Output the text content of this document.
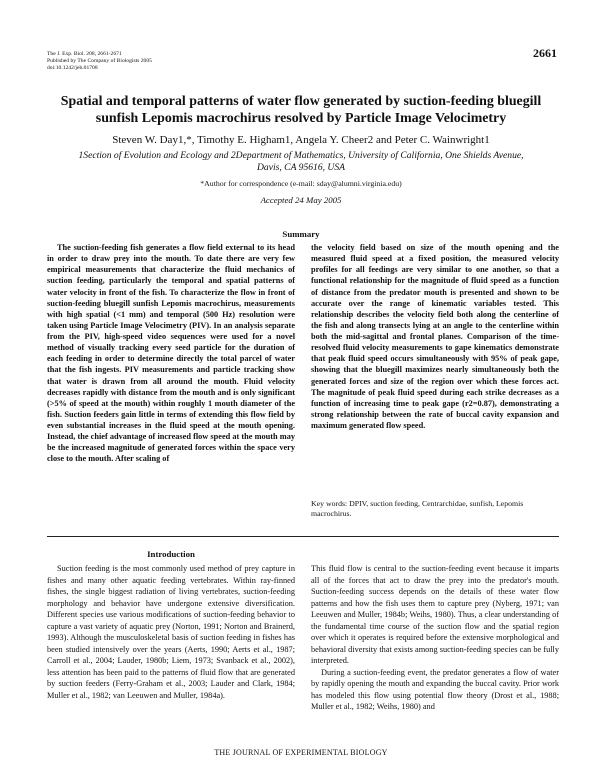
The J. Exp. Biol. 208, 2661-2671
Published by The Company of Biologists 2005
doi:10.1242/jeb.01708
2661
Spatial and temporal patterns of water flow generated by suction-feeding bluegill sunfish Lepomis macrochirus resolved by Particle Image Velocimetry
Steven W. Day1,*, Timothy E. Higham1, Angela Y. Cheer2 and Peter C. Wainwright1
1Section of Evolution and Ecology and 2Department of Mathematics, University of California, One Shields Avenue,
Davis, CA 95616, USA
*Author for correspondence (e-mail: sday@alumni.virginia.edu)
Accepted 24 May 2005
Summary
The suction-feeding fish generates a flow field external to its head in order to draw prey into the mouth. To date there are very few empirical measurements that characterize the fluid mechanics of suction feeding, particularly the temporal and spatial patterns of water velocity in front of the fish. To characterize the flow in front of suction-feeding bluegill sunfish Lepomis macrochirus, measurements with high spatial (<1 mm) and temporal (500 Hz) resolution were taken using Particle Image Velocimetry (PIV). In an analysis separate from the PIV, high-speed video sequences were used for a novel method of visually tracking every seed particle for the duration of each feeding in order to determine directly the total parcel of water that the fish ingests. PIV measurements and particle tracking show that water is drawn from all around the mouth. Fluid velocity decreases rapidly with distance from the mouth and is only significant (>5% of speed at the mouth) within roughly 1 mouth diameter of the fish. Suction feeders gain little in terms of extending this flow field by even substantial increases in the fluid speed at the mouth opening. Instead, the chief advantage of increased flow speed at the mouth may be the increased magnitude of generated forces within the space very close to the mouth. After scaling of
the velocity field based on size of the mouth opening and the measured fluid speed at a fixed position, the measured velocity profiles for all feedings are very similar to one another, so that a functional relationship for the magnitude of fluid speed as a function of distance from the predator mouth is presented and shown to be accurate over the range of kinematic variables tested. This relationship describes the velocity field both along the centerline of the fish and along transects lying at an angle to the centerline within both the mid-sagittal and frontal planes. Comparison of the time-resolved fluid velocity measurements to gape kinematics demonstrate that peak fluid speed occurs simultaneously with 95% of peak gape, showing that the bluegill maximizes nearly simultaneously both the generated forces and size of the region over which these forces act. The magnitude of peak fluid speed during each strike decreases as a function of increasing time to peak gape (r2=0.87), demonstrating a strong relationship between the rate of buccal cavity expansion and maximum generated flow speed.
Key words: DPIV, suction feeding, Centrarchidae, sunfish, Lepomis macrochirus.
Introduction

Suction feeding is the most commonly used method of prey capture in fishes and many other aquatic feeding vertebrates. Within ray-finned fishes, the single biggest radiation of living vertebrates, suction-feeding morphology and behavior have undergone extensive diversification. Different species use various modifications of suction-feeding behavior to capture a vast variety of aquatic prey (Norton, 1991; Norton and Brainerd, 1993). Although the musculoskeletal basis of suction feeding in fishes has been studied intensively over the years (Aerts, 1990; Aerts et al., 1987; Carroll et al., 2004; Lauder, 1980b; Liem, 1973; Svanback et al., 2002), less attention has been paid to the patterns of fluid flow that are generated by suction feeders (Ferry-Graham et al., 2003; Lauder and Clark, 1984; Muller et al., 1982; van Leeuwen and Muller, 1984a).

This fluid flow is central to the suction-feeding event because it imparts all of the forces that act to draw the prey into the predator's mouth. Suction-feeding success depends on the details of these water flow patterns and how the fish uses them to capture prey (Nyberg, 1971; van Leeuwen and Muller, 1984b; Weihs, 1980). Thus, a clear understanding of the fundamental time course of the suction flow and the spatial region over which it operates is required before the extensive morphological and behavioral diversity that exists among suction-feeding species can be fully interpreted.

During a suction-feeding event, the predator generates a flow of water by rapidly opening the mouth and expanding the buccal cavity. Prior work has modeled this flow using potential flow theory (Drost et al., 1988; Muller et al., 1982; Weihs, 1980) and

THE JOURNAL OF EXPERIMENTAL BIOLOGY
